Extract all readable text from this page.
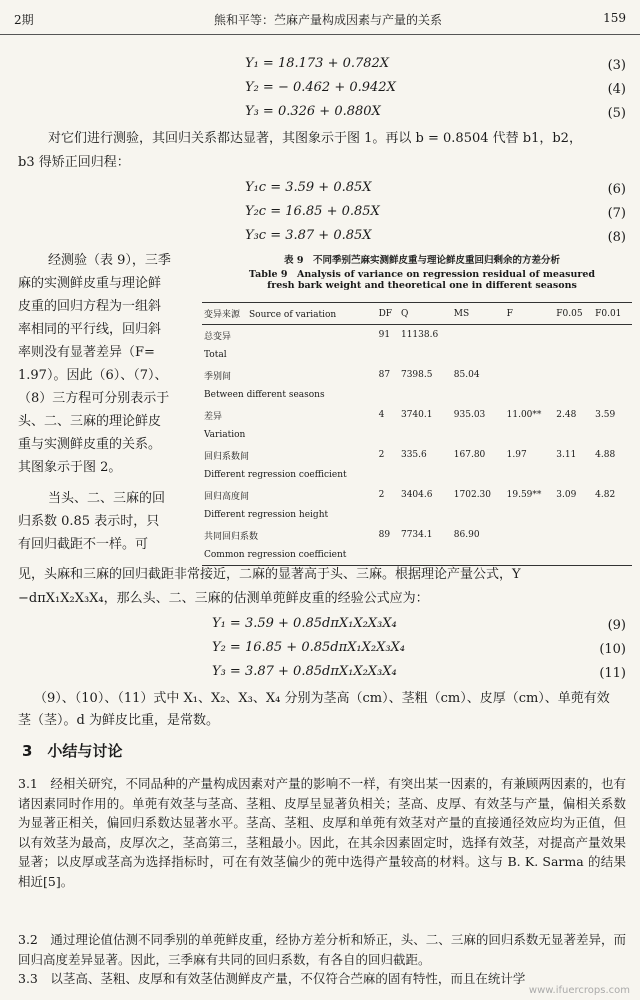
2期	熊和平等：苎麻产量构成因素与产量的关系	159
Y₁ = 18.173 + 0.782X	(3)
Y₂ = − 0.462 + 0.942X	(4)
Y₃ = 0.326 + 0.880X	(5)
对它们进行测验，其回归关系都达显著，其图象示于图 1。再以 b = 0.8504 代替 b1，b2，
b3 得矫正回归程：
Y₁c = 3.59 + 0.85X	(6)
Y₂c = 16.85 + 0.85X	(7)
Y₃c = 3.87 + 0.85X	(8)
经测验（表 9），三季
麻的实测鲜皮重与理论鲜
皮重的回归方程为一组斜
率相同的平行线，回归斜
率则没有显著差异（F=
1.97）。因此（6）、（7）、
（8）三方程可分别表示于
头、二、三麻的理论鲜皮
重与实测鲜皮重的关系。
其图象示于图 2。
当头、二、三麻的回
归系数 0.85 表示时，只
有回归截距不一样。可
表 9　不同季别苎麻实测鲜皮重与理论鲜皮重回归剩余的方差分析
Table 9　Analysis of variance on regression residual of measured
fresh bark weight and theoretical one in different seasons
变异来源　Source of variation	DF	Q	MS	F	F0.05	F0.01
总变异	91	11138.6				
Total						
季别间	87	7398.5	85.04			
Between different seasons						
差异	4	3740.1	935.03	11.00**	2.48	3.59
Variation						
回归系数间	2	335.6	167.80	1.97	3.11	4.88
Different regression coefficient						
回归高度间	2	3404.6	1702.30	19.59**	3.09	4.82
Different regression height						
共同回归系数	89	7734.1	86.90			
Common regression coefficient						
见，头麻和三麻的回归截距非常接近，二麻的显著高于头、三麻。根据理论产量公式，Y
−dπX₁X₂X₃X₄，那么头、二、三麻的估测单蔸鲜皮重的经验公式应为：
Y₁ = 3.59 + 0.85dπX₁X₂X₃X₄	(9)
Y₂ = 16.85 + 0.85dπX₁X₂X₃X₄	(10)
Y₃ = 3.87 + 0.85dπX₁X₂X₃X₄	(11)
（9）、（10）、（11）式中 X₁、X₂、X₃、X₄ 分别为茎高（cm）、茎粗（cm）、皮厚（cm）、单蔸有效
茎（茎）。d 为鲜皮比重，是常数。
3　小结与讨论
3.1　经相关研究，不同品种的产量构成因素对产量的影响不一样，有突出某一因素的，有兼顾两因素的，也有诸因素同时作用的。单蔸有效茎与茎高、茎粗、皮厚呈显著负相关；茎高、皮厚、有效茎与产量，偏相关系数为显著正相关，偏回归系数达显著水平。茎高、茎粗、皮厚和单蔸有效茎对产量的直接通径效应均为正值，但以有效茎为最高，皮厚次之，茎高第三，茎粗最小。因此，在其余因素固定时，选择有效茎，对提高产量效果显著；以皮厚或茎高为选择指标时，可在有效茎偏少的蔸中选得产量较高的材料。这与 B. K. Sarma 的结果相近[5]。
3.2　通过理论值估测不同季别的单蔸鲜皮重，经协方差分析和矫正，头、二、三麻的回归系数无显著差异，而回归高度差异显著。因此，三季麻有共同的回归系数，有各自的回归截距。
3.3　以茎高、茎粗、皮厚和有效茎估测鲜皮产量，不仅符合苎麻的固有特性，而且在统计学
www.ifuercrops.com
